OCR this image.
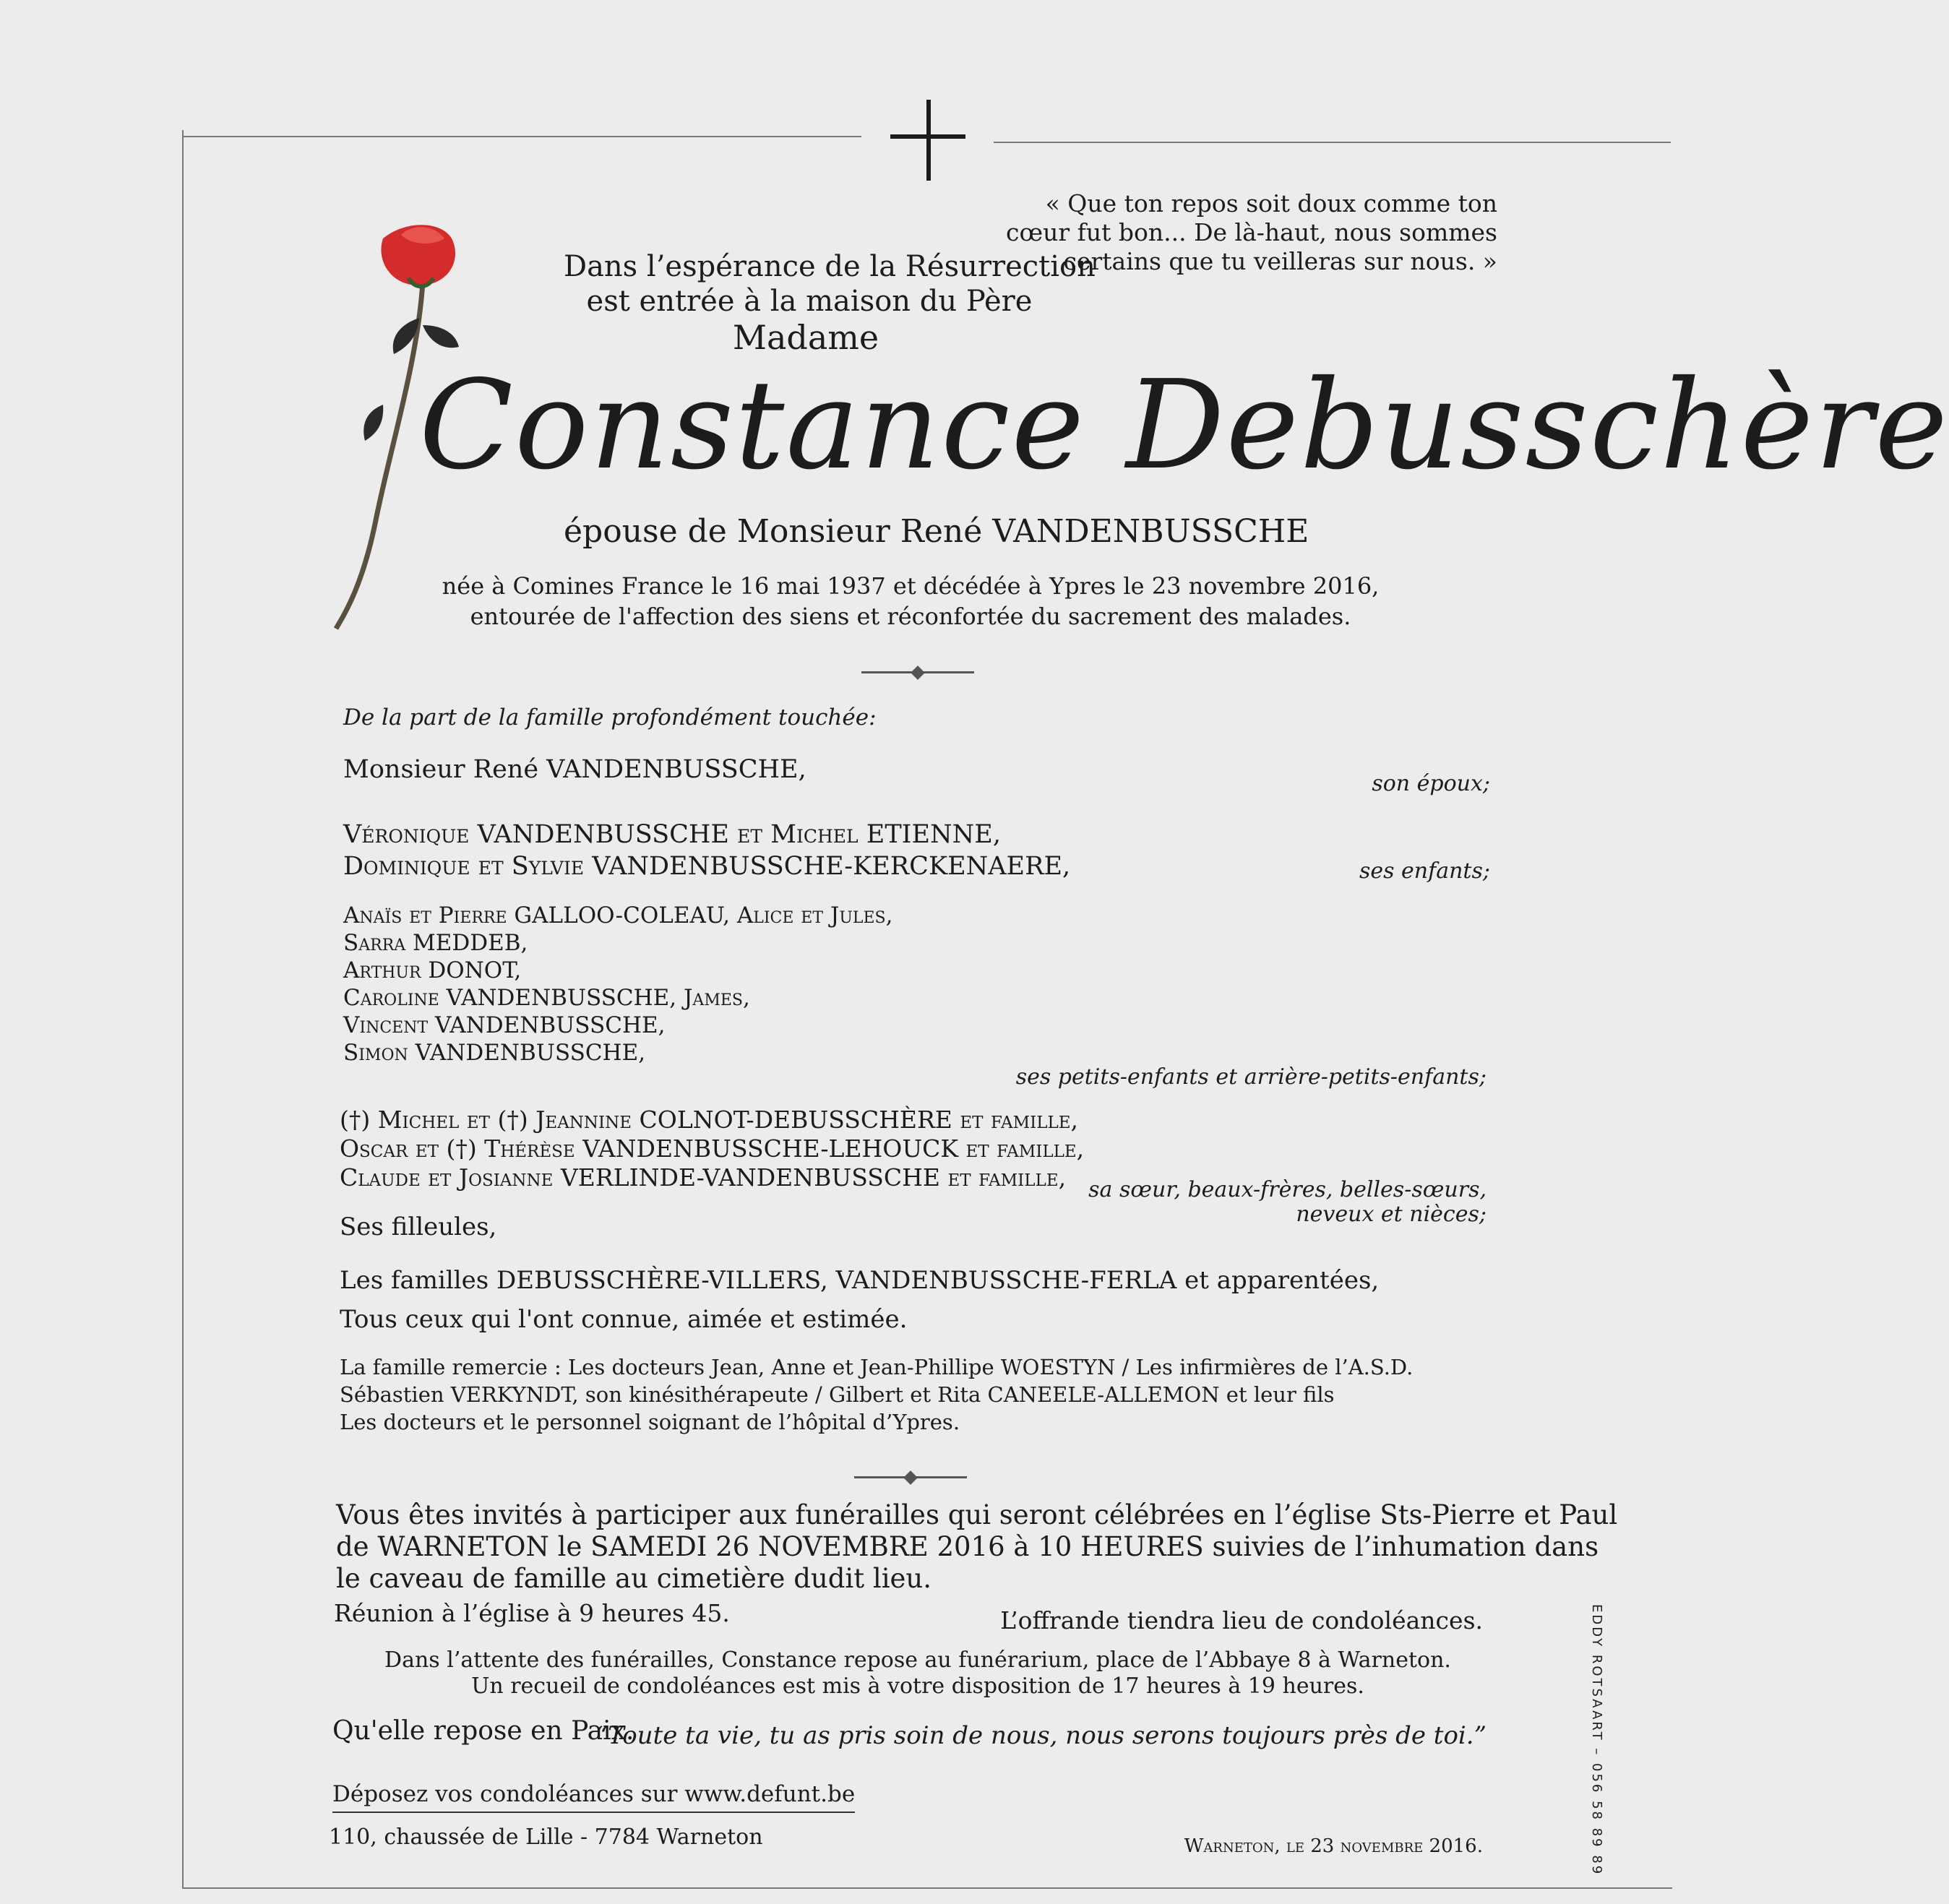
« Que ton repos soit doux comme ton
cœur fut bon... De là-haut, nous sommes
certains que tu veilleras sur nous. »
Dans l’espérance de la Résurrection
est entrée à la maison du Père
Madame
Constance Debusschère
épouse de Monsieur René VANDENBUSSCHE
née à Comines France le 16 mai 1937 et décédée à Ypres le 23 novembre 2016,
entourée de l'affection des siens et réconfortée du sacrement des malades.
De la part de la famille profondément touchée:
Monsieur René VANDENBUSSCHE,	son époux;
Véronique VANDENBUSSCHE et Michel ETIENNE,
Dominique et Sylvie VANDENBUSSCHE-KERCKENAERE,	ses enfants;
Anaïs et Pierre GALLOO-COLEAU, Alice et Jules,
Sarra MEDDEB,
Arthur DONOT,
Caroline VANDENBUSSCHE, James,
Vincent VANDENBUSSCHE,
Simon VANDENBUSSCHE,
ses petits-enfants et arrière-petits-enfants;
(†) Michel et (†) Jeannine COLNOT-DEBUSSCHÈRE et famille,
Oscar et (†) Thérèse VANDENBUSSCHE-LEHOUCK et famille,
Claude et Josianne VERLINDE-VANDENBUSSCHE et famille,	sa sœur, beaux-frères, belles-sœurs,
neveux et nièces;
Ses filleules,
Les familles DEBUSSCHÈRE-VILLERS, VANDENBUSSCHE-FERLA et apparentées,
Tous ceux qui l'ont connue, aimée et estimée.
La famille remercie : Les docteurs Jean, Anne et Jean-Phillipe WOESTYN / Les infirmières de l’A.S.D.
Sébastien VERKYNDT, son kinésithérapeute / Gilbert et Rita CANEELE-ALLEMON et leur fils
Les docteurs et le personnel soignant de l’hôpital d’Ypres.
Vous êtes invités à participer aux funérailles qui seront célébrées en l’église Sts-Pierre et Paul
de WARNETON le SAMEDI 26 NOVEMBRE 2016 à 10 HEURES suivies de l’inhumation dans
le caveau de famille au cimetière dudit lieu.
Réunion à l’église à 9 heures 45.	L’offrande tiendra lieu de condoléances.
Dans l’attente des funérailles, Constance repose au funérarium, place de l’Abbaye 8 à Warneton.
Un recueil de condoléances est mis à votre disposition de 17 heures à 19 heures.
Qu'elle repose en Paix.
“Toute ta vie, tu as pris soin de nous, nous serons toujours près de toi.”
Déposez vos condoléances sur www.defunt.be
110, chaussée de Lille - 7784 Warneton	Warneton, le 23 novembre 2016.	EDDY ROTSAART – 056 58 89 89
